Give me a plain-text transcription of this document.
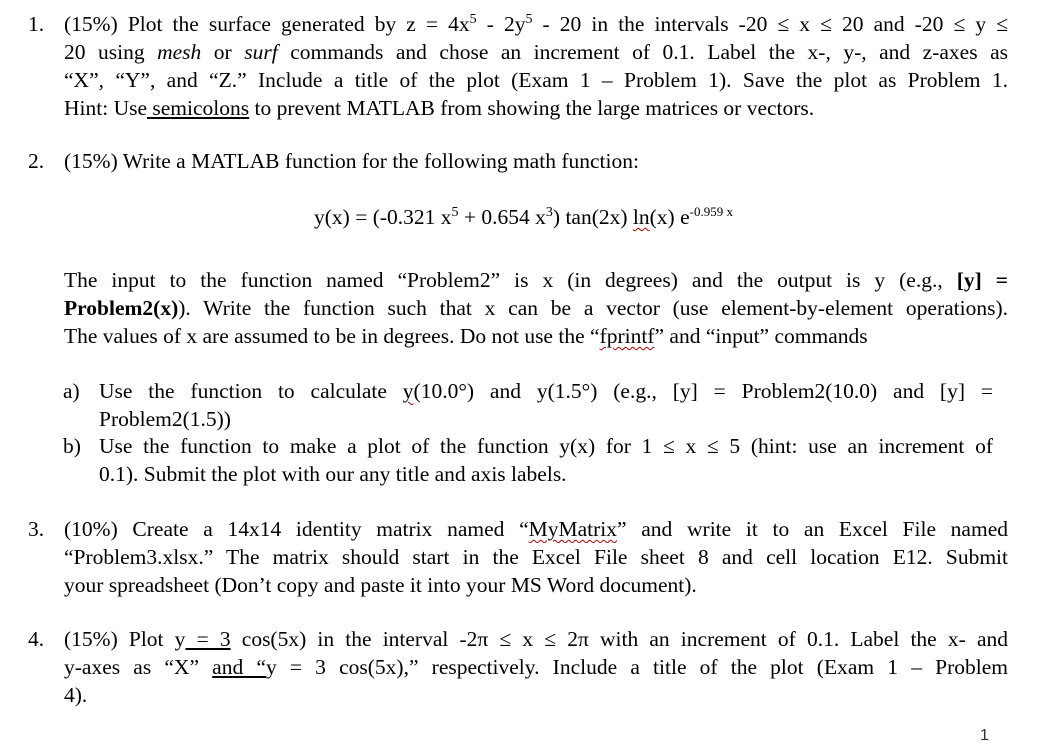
1. (15%) Plot the surface generated by $z = 4x^5 - 2y^5 - 20$ in the intervals -20 ≤ x ≤ 20 and -20 ≤ y ≤
20 using mesh or surf commands and chose an increment of 0.1. Label the x-, y-, and z-axes as
“X”, “Y”, and “Z.” Include a title of the plot (Exam 1 – Problem 1). Save the plot as Problem 1.
Hint: Use semicolons to prevent MATLAB from showing the large matrices or vectors.
2. (15%) Write a MATLAB function for the following math function:
y(x) = (-0.321 $x^5 + 0.654$ $x^3$) tan(2x) ln(x) $e^{-0.959 x}$
The input to the function named “Problem2” is x (in degrees) and the output is y (e.g., [y] =
Problem2(x)). Write the function such that x can be a vector (use element-by-element operations).
The values of x are assumed to be in degrees. Do not use the “fprintf” and “input” commands
a) Use the function to calculate y(10.0°) and y(1.5°) (e.g., [y] = Problem2(10.0) and [y] =
Problem2(1.5))
b) Use the function to make a plot of the function y(x) for 1 ≤ x ≤ 5 (hint: use an increment of
0.1). Submit the plot with our any title and axis labels.
3. (10%) Create a 14x14 identity matrix named “MyMatrix” and write it to an Excel File named
“Problem3.xlsx.” The matrix should start in the Excel File sheet 8 and cell location E12. Submit
your spreadsheet (Don’t copy and paste it into your MS Word document).
4. (15%) Plot y = 3 cos(5x) in the interval -2π ≤ x ≤ 2π with an increment of 0.1. Label the x- and
y-axes as “X” and “y = 3 cos(5x),” respectively. Include a title of the plot (Exam 1 – Problem
4).
1
